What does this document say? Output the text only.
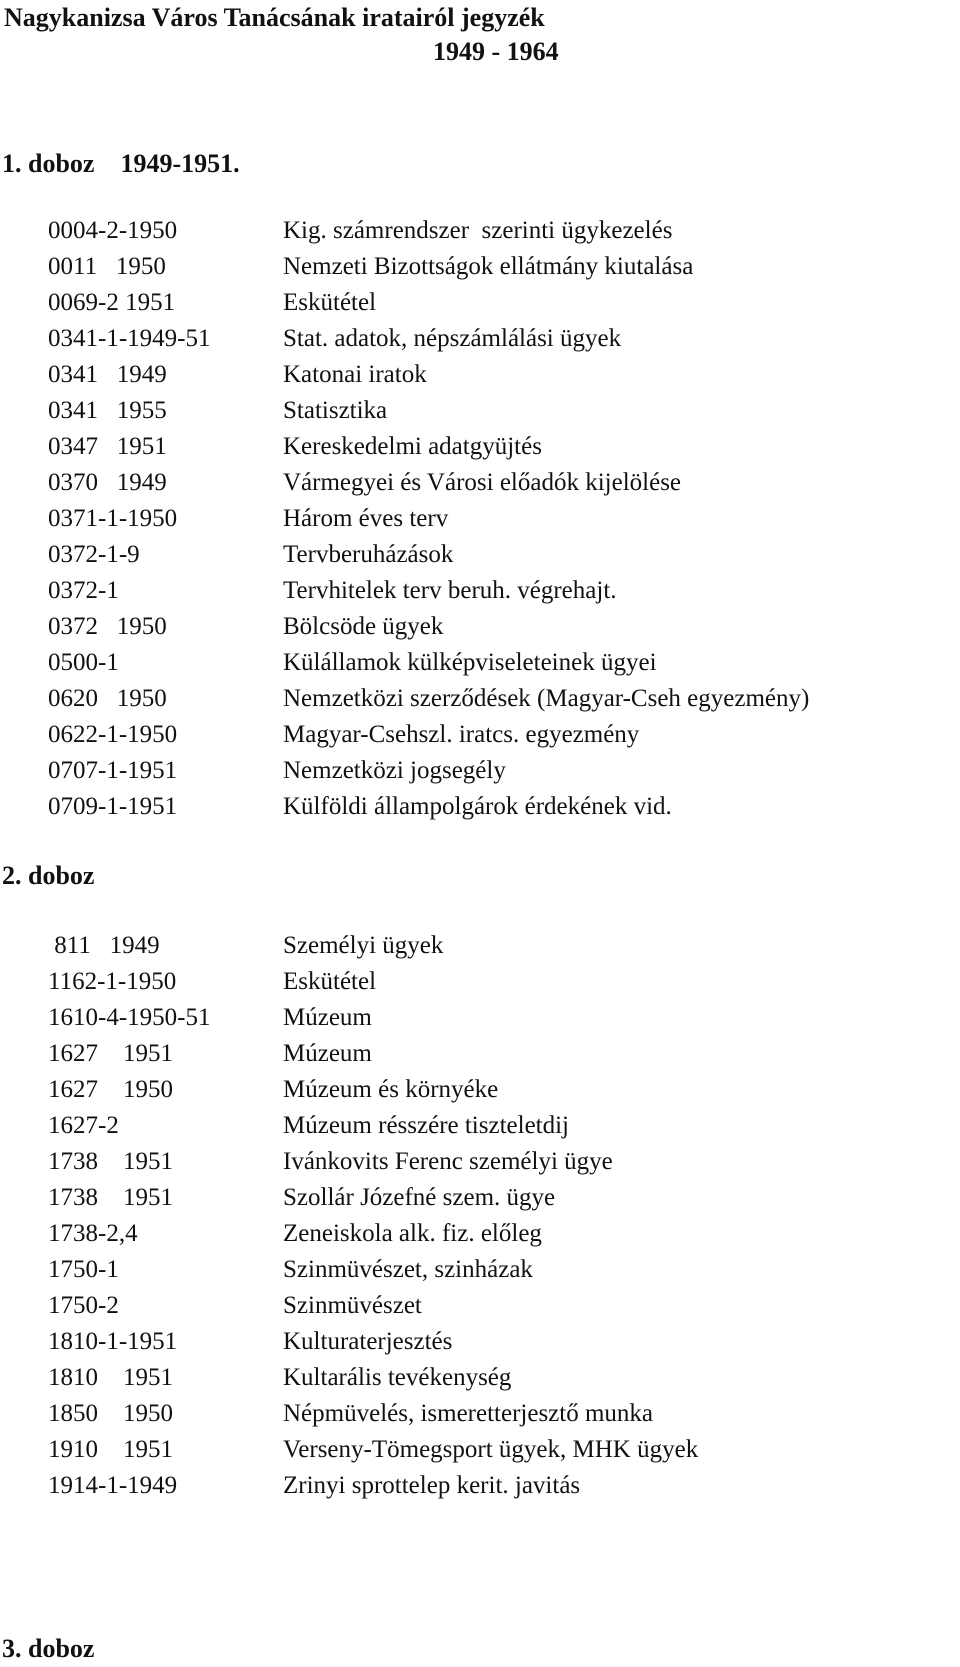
Nagykanizsa Város Tanácsának iratairól jegyzék
1949 - 1964
1. doboz    1949-1951.
0004-2-1950	Kig. számrendszer  szerinti ügykezelés
0011   1950	Nemzeti Bizottságok ellátmány kiutalása
0069-2 1951	Eskütétel
0341-1-1949-51	Stat. adatok, népszámlálási ügyek
0341   1949	Katonai iratok
0341   1955	Statisztika
0347   1951	Kereskedelmi adatgyüjtés
0370   1949	Vármegyei és Városi előadók kijelölése
0371-1-1950	Három éves terv
0372-1-9	Tervberuházások
0372-1	Tervhitelek terv beruh. végrehajt.
0372   1950	Bölcsöde ügyek
0500-1	Külállamok külképviseleteinek ügyei
0620   1950	Nemzetközi szerződések (Magyar-Cseh egyezmény)
0622-1-1950	Magyar-Csehszl. iratcs. egyezmény
0707-1-1951	Nemzetközi jogsegély
0709-1-1951	Külföldi állampolgárok érdekének vid.
2. doboz
811   1949	Személyi ügyek
1162-1-1950	Eskütétel
1610-4-1950-51	Múzeum
1627    1951	Múzeum
1627    1950	Múzeum és környéke
1627-2	Múzeum résszére tiszteletdij
1738    1951	Ivánkovits Ferenc személyi ügye
1738    1951	Szollár Józefné szem. ügye
1738-2,4	Zeneiskola alk. fiz. előleg
1750-1	Szinmüvészet, szinházak
1750-2	Szinmüvészet
1810-1-1951	Kulturaterjesztés
1810    1951	Kultarális tevékenység
1850    1950	Népmüvelés, ismeretterjesztő munka
1910    1951	Verseny-Tömegsport ügyek, MHK ügyek
1914-1-1949	Zrinyi sprottelep kerit. javitás
3. doboz
